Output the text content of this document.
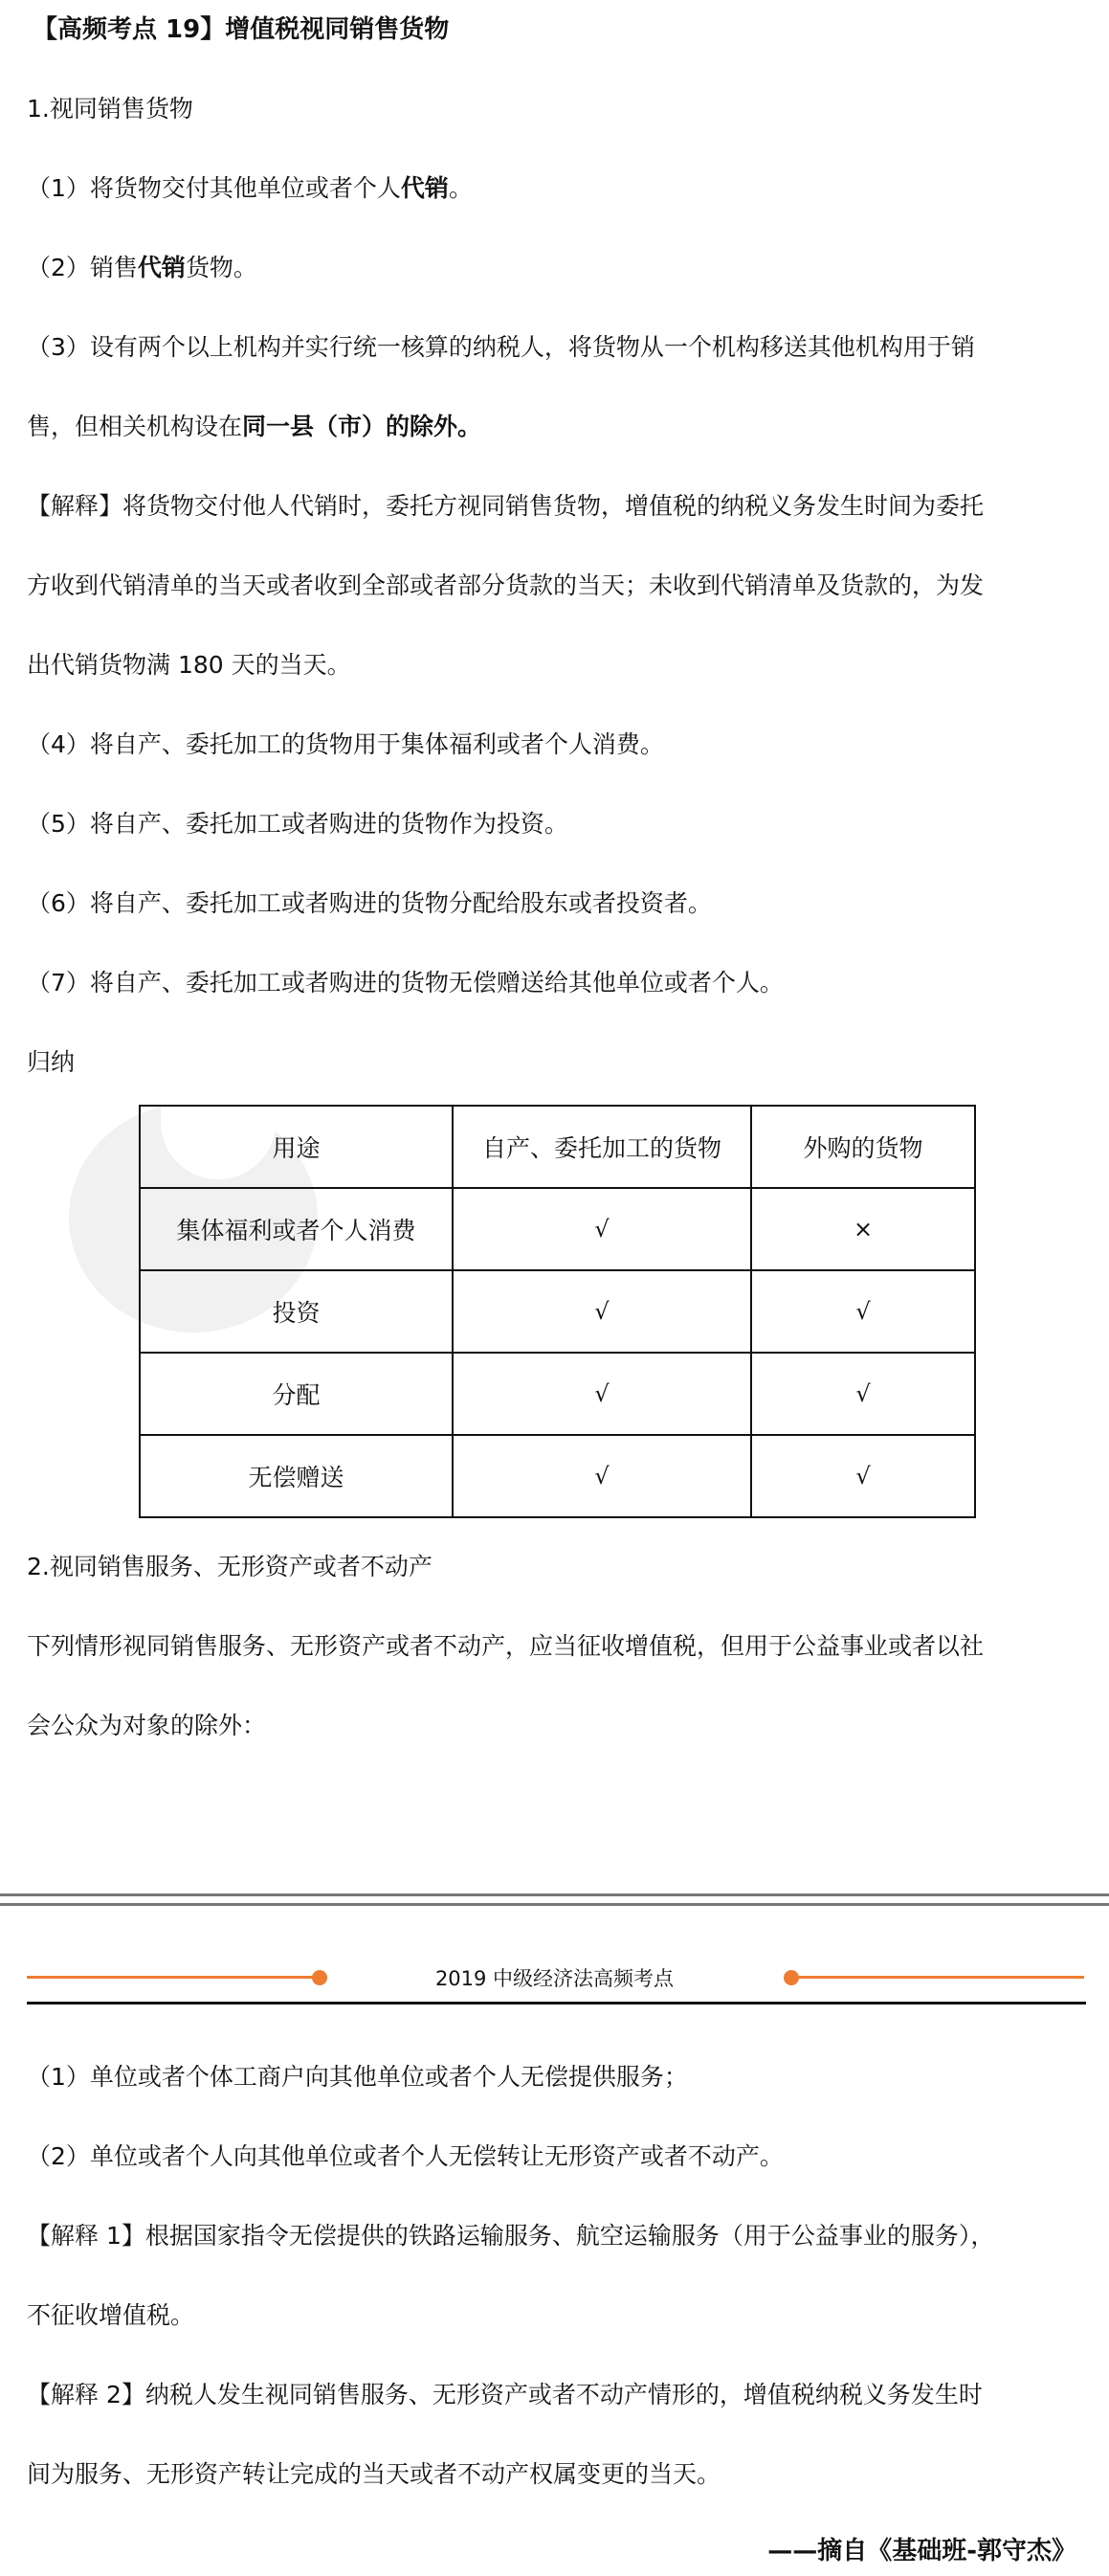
【高频考点 19】增值税视同销售货物
1.视同销售货物
（1）将货物交付其他单位或者个人代销。
（2）销售代销货物。
（3）设有两个以上机构并实行统一核算的纳税人，将货物从一个机构移送其他机构用于销
售，但相关机构设在同一县（市）的除外。
【解释】将货物交付他人代销时，委托方视同销售货物，增值税的纳税义务发生时间为委托
方收到代销清单的当天或者收到全部或者部分货款的当天；未收到代销清单及货款的，为发
出代销货物满 180 天的当天。
（4）将自产、委托加工的货物用于集体福利或者个人消费。
（5）将自产、委托加工或者购进的货物作为投资。
（6）将自产、委托加工或者购进的货物分配给股东或者投资者。
（7）将自产、委托加工或者购进的货物无偿赠送给其他单位或者个人。
归纳
用途	自产、委托加工的货物	外购的货物
集体福利或者个人消费	√	×
投资	√	√
分配	√	√
无偿赠送	√	√
2.视同销售服务、无形资产或者不动产
下列情形视同销售服务、无形资产或者不动产，应当征收增值税，但用于公益事业或者以社
会公众为对象的除外：
2019 中级经济法高频考点
（1）单位或者个体工商户向其他单位或者个人无偿提供服务；
（2）单位或者个人向其他单位或者个人无偿转让无形资产或者不动产。
【解释 1】根据国家指令无偿提供的铁路运输服务、航空运输服务（用于公益事业的服务），
不征收增值税。
【解释 2】纳税人发生视同销售服务、无形资产或者不动产情形的，增值税纳税义务发生时
间为服务、无形资产转让完成的当天或者不动产权属变更的当天。
——摘自《基础班-郭守杰》
